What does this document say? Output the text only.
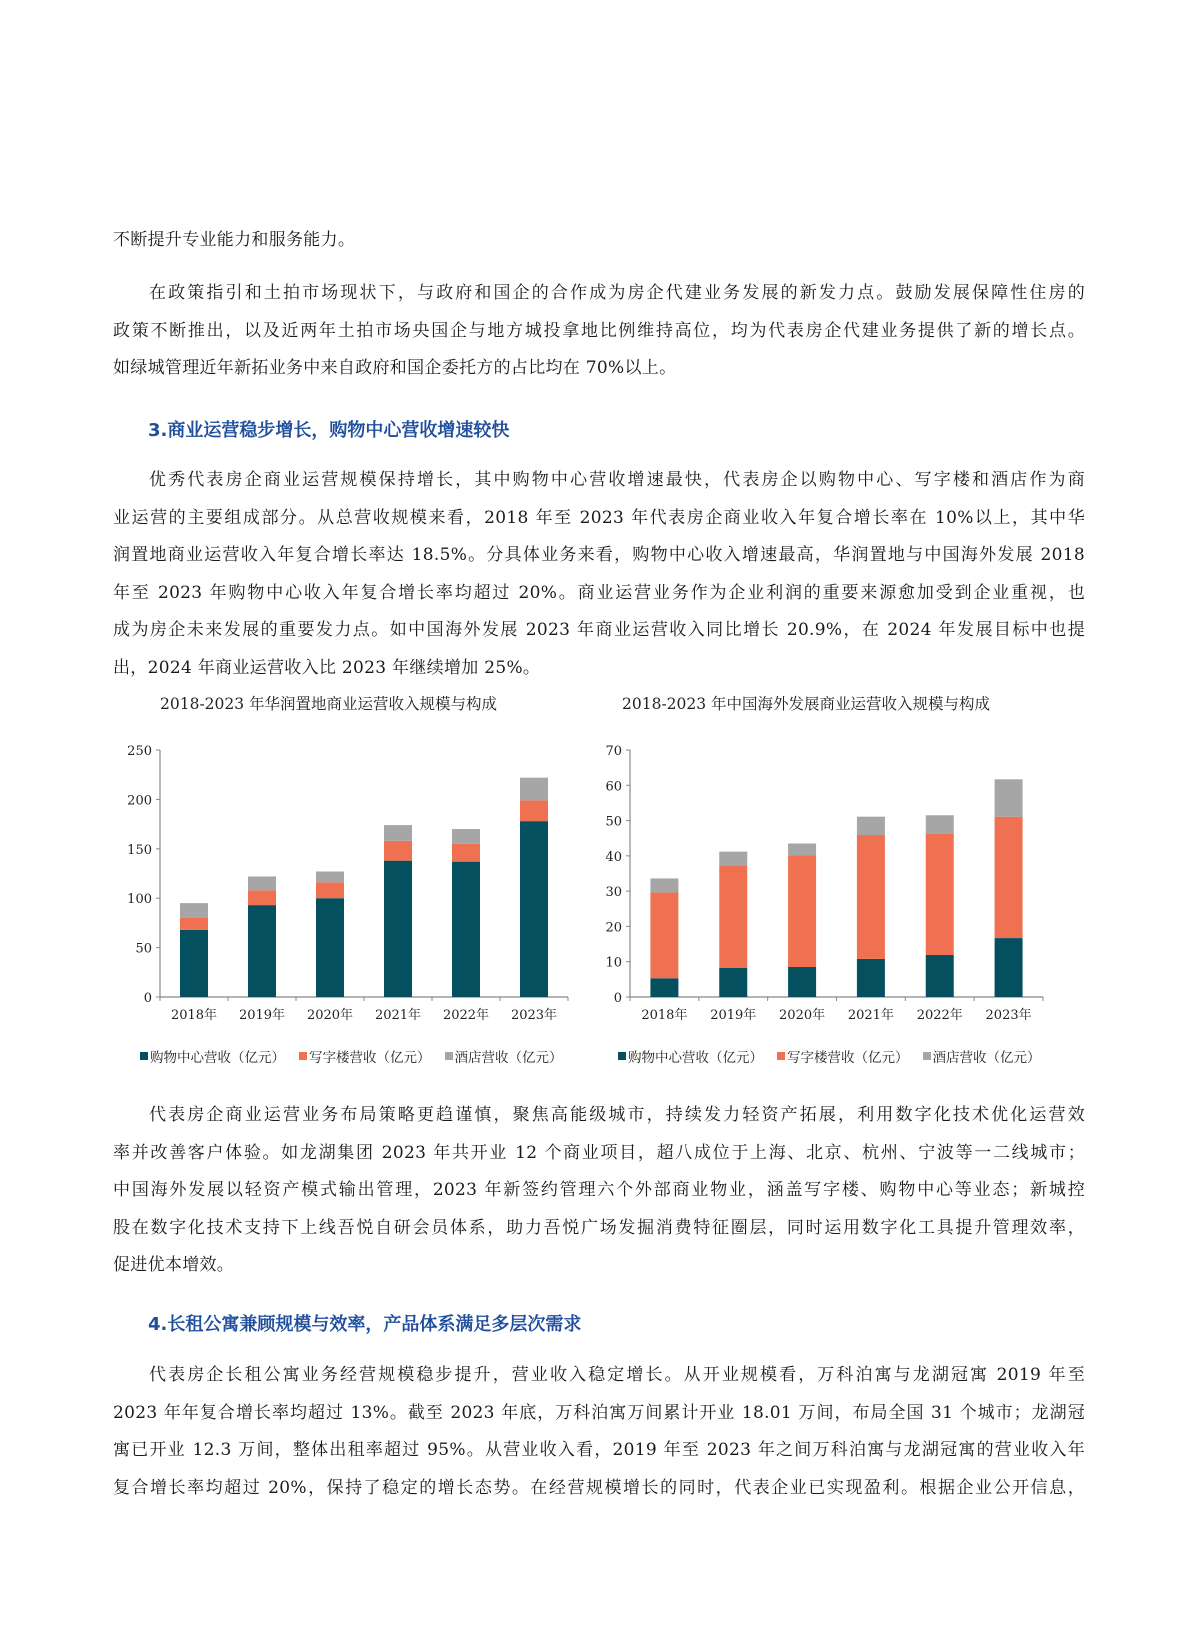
不断提升专业能力和服务能力。
在政策指引和土拍市场现状下，与政府和国企的合作成为房企代建业务发展的新发力点。鼓励发展保障性住房的
政策不断推出，以及近两年土拍市场央国企与地方城投拿地比例维持高位，均为代表房企代建业务提供了新的增长点。
如绿城管理近年新拓业务中来自政府和国企委托方的占比均在 70%以上。
3.商业运营稳步增长，购物中心营收增速较快
优秀代表房企商业运营规模保持增长，其中购物中心营收增速最快，代表房企以购物中心、写字楼和酒店作为商
业运营的主要组成部分。从总营收规模来看，2018 年至 2023 年代表房企商业收入年复合增长率在 10%以上，其中华
润置地商业运营收入年复合增长率达 18.5%。分具体业务来看，购物中心收入增速最高，华润置地与中国海外发展 2018
年至 2023 年购物中心收入年复合增长率均超过 20%。商业运营业务作为企业利润的重要来源愈加受到企业重视，也
成为房企未来发展的重要发力点。如中国海外发展 2023 年商业运营收入同比增长 20.9%，在 2024 年发展目标中也提
出，2024 年商业运营收入比 2023 年继续增加 25%。
2018-2023 年华润置地商业运营收入规模与构成
0
50
100
150
200
250
2018年 2019年 2020年 2021年 2022年 2023年
购物中心营收（亿元） 写字楼营收（亿元） 酒店营收（亿元）
2018-2023 年中国海外发展商业运营收入规模与构成
0
10
20
30
40
50
60
70
2018年 2019年 2020年 2021年 2022年 2023年
购物中心营收（亿元） 写字楼营收（亿元） 酒店营收（亿元）
代表房企商业运营业务布局策略更趋谨慎，聚焦高能级城市，持续发力轻资产拓展，利用数字化技术优化运营效
率并改善客户体验。如龙湖集团 2023 年共开业 12 个商业项目，超八成位于上海、北京、杭州、宁波等一二线城市；
中国海外发展以轻资产模式输出管理，2023 年新签约管理六个外部商业物业，涵盖写字楼、购物中心等业态；新城控
股在数字化技术支持下上线吾悦自研会员体系，助力吾悦广场发掘消费特征圈层，同时运用数字化工具提升管理效率，
促进优本增效。
4.长租公寓兼顾规模与效率，产品体系满足多层次需求
代表房企长租公寓业务经营规模稳步提升，营业收入稳定增长。从开业规模看，万科泊寓与龙湖冠寓 2019 年至
2023 年年复合增长率均超过 13%。截至 2023 年底，万科泊寓万间累计开业 18.01 万间，布局全国 31 个城市；龙湖冠
寓已开业 12.3 万间，整体出租率超过 95%。从营业收入看，2019 年至 2023 年之间万科泊寓与龙湖冠寓的营业收入年
复合增长率均超过 20%，保持了稳定的增长态势。在经营规模增长的同时，代表企业已实现盈利。根据企业公开信息，
